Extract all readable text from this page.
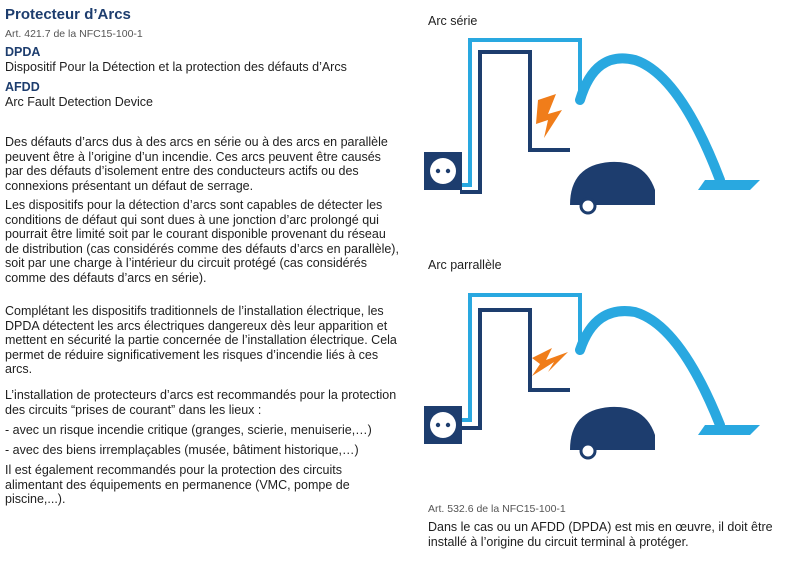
Protecteur d’Arcs
Art. 421.7 de la NFC15-100-1
DPDA
Dispositif Pour la Détection et la protection des défauts d’Arcs
AFDD
Arc Fault Detection Device

Des défauts d’arcs dus à des arcs en série ou à des arcs en parallèle peuvent être à l’origine d’un incendie. Ces arcs peuvent être causés par des défauts d’isolement entre des conducteurs actifs ou des connexions présentant un défaut de serrage.

Les dispositifs pour la détection d’arcs sont capables de détecter les conditions de défaut qui sont dues à une jonction d’arc prolongé qui pourrait être limité soit par le courant disponible provenant du réseau de distribution (cas considérés comme des défauts d’arcs en parallèle), soit par une charge à l’intérieur du circuit protégé (cas considérés comme des défauts d’arcs en série).

Complétant les dispositifs traditionnels de l’installation électrique, les DPDA détectent les arcs électriques dangereux dès leur apparition et mettent en sécurité la partie concernée de l’installation électrique. Cela permet de réduire significativement les risques d’incendie liés à ces arcs.

L’installation de protecteurs d’arcs est recommandés pour la protection des circuits “prises de courant” dans les lieux :

- avec un risque incendie critique (granges, scierie, menuiserie,…)

- avec des biens irremplaçables (musée, bâtiment historique,…)

Il est également recommandés pour la protection des circuits alimentant des équipements en permanence (VMC, pompe de piscine,...).

Arc série
Arc parrallèle
Art. 532.6 de la NFC15-100-1
Dans le cas ou un AFDD (DPDA) est mis en œuvre, il doit être installé à l’origine du circuit terminal à protéger.
